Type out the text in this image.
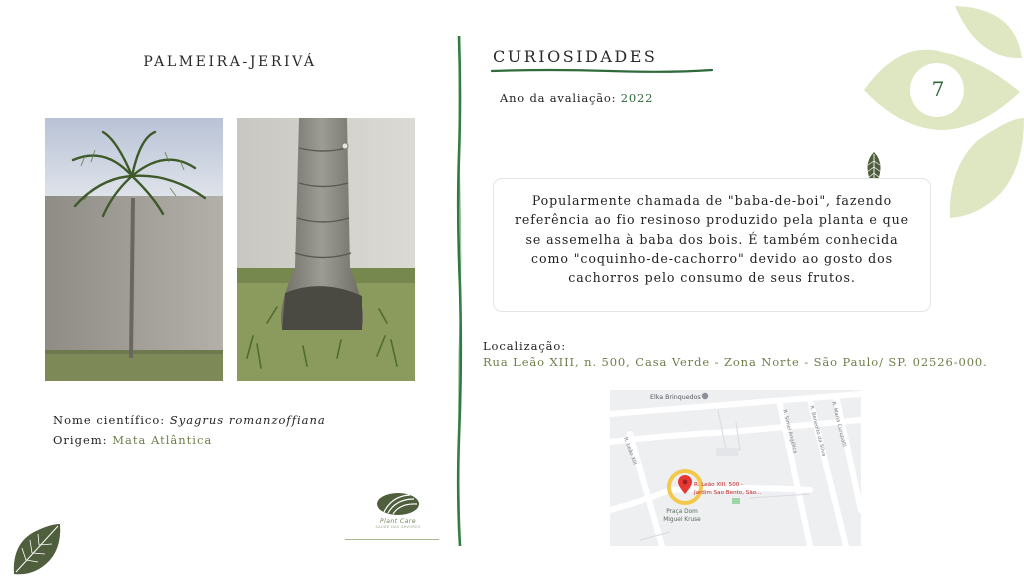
PALMEIRA-JERIVÁ
Nome científico: Syagrus romanzoffiana
Origem: Mata Atlântica
Plant Care
SAÚDE DAS ÁRVORES
CURIOSIDADES
Ano da avaliação: 2022

Popularmente chamada de "baba-de-boi", fazendo referência ao fio resinoso produzido pela planta e que se assemelha à baba dos bois. É também conhecida como "coquinho-de-cachorro" devido ao gosto dos cachorros pelo consumo de seus frutos.

Localização:
Rua Leão XIII, n. 500, Casa Verde - Zona Norte - São Paulo/ SP. 02526-000.
Elka Brinquedos
R. Leão XIII	R. Simei Angélica R. Benedito da Silva R. Maria Curupaiti
R. Leão XIII, 500 -
Jardim Sao Bento, São...
Praça Dom
Miguel Kruse
7
